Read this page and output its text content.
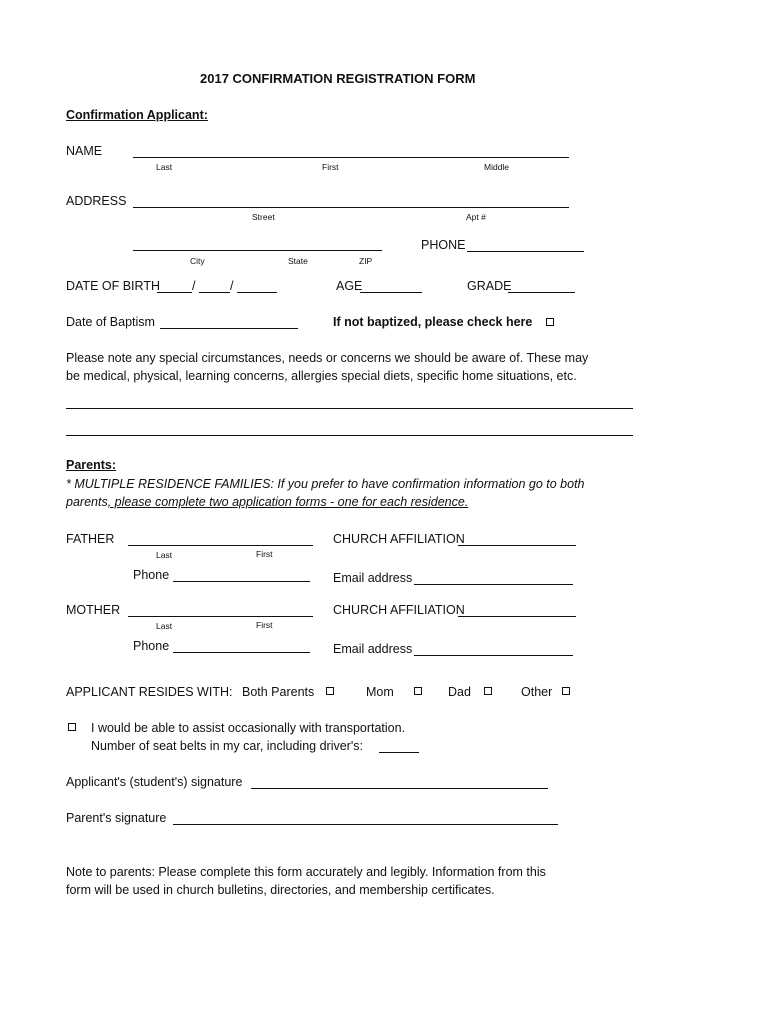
2017 CONFIRMATION REGISTRATION FORM
Confirmation Applicant:
NAME
Last	First	Middle
ADDRESS
Street	Apt #
City	State	ZIP
PHONE
DATE OF BIRTH	/	/	AGE	GRADE
Date of Baptism	If not baptized, please check here
Please note any special circumstances, needs or concerns we should be aware of. These may
be medical, physical, learning concerns, allergies special diets, specific home situations, etc.
Parents:
* MULTIPLE RESIDENCE FAMILIES: If you prefer to have confirmation information go to both
parents, please complete two application forms - one for each residence.
FATHER
Last	First
CHURCH AFFILIATION
Phone	Email address
MOTHER
Last	First
CHURCH AFFILIATION
Phone	Email address
APPLICANT RESIDES WITH: Both Parents	Mom	Dad	Other
I would be able to assist occasionally with transportation.
Number of seat belts in my car, including driver's:
Applicant's (student's) signature
Parent's signature
Note to parents: Please complete this form accurately and legibly. Information from this
form will be used in church bulletins, directories, and membership certificates.
